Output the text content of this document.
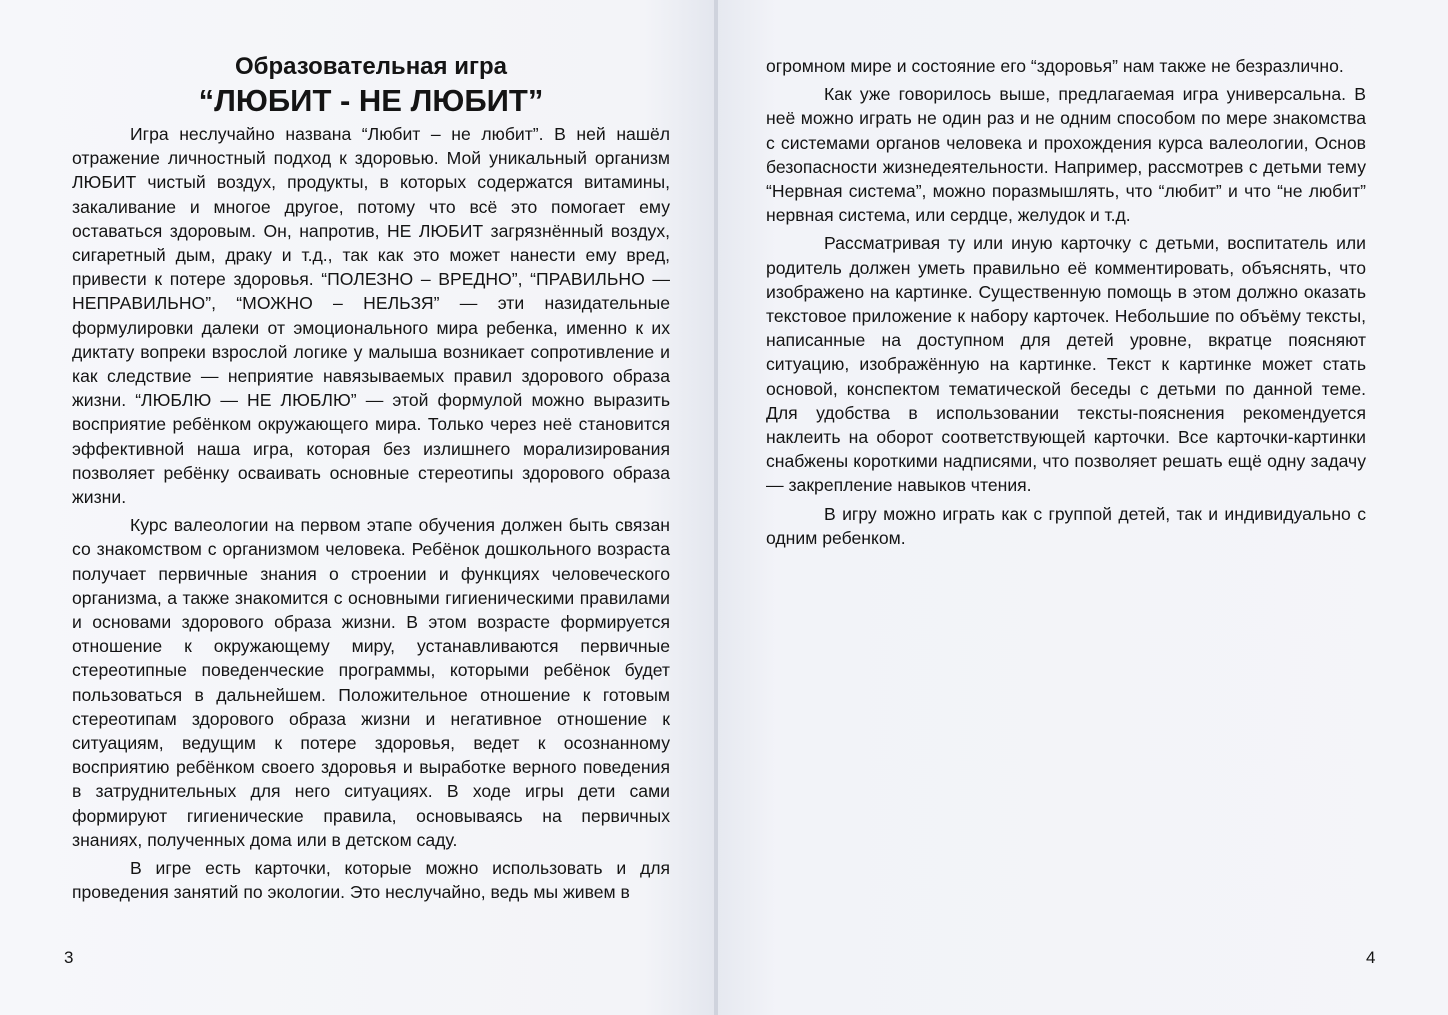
Образовательная игра
“ЛЮБИТ - НЕ ЛЮБИТ”

Игра неслучайно названа “Любит – не любит”. В ней нашёл отражение личностный подход к здоровью. Мой уникальный организм ЛЮБИТ чистый воздух, продукты, в которых содержатся витамины, закаливание и многое другое, потому что всё это помогает ему оставаться здоровым. Он, напротив, НЕ ЛЮБИТ загрязнённый воздух, сигаретный дым, драку и т.д., так как это может нанести ему вред, привести к потере здоровья. “ПОЛЕЗНО – ВРЕДНО”, “ПРАВИЛЬНО — НЕПРАВИЛЬНО”, “МОЖНО – НЕЛЬЗЯ” — эти назидательные формулировки далеки от эмоционального мира ребенка, именно к их диктату вопреки взрослой логике у малыша возникает сопротивление и как следствие — неприятие навязываемых правил здорового образа жизни. “ЛЮБЛЮ — НЕ ЛЮБЛЮ” — этой формулой можно выразить восприятие ребёнком окружающего мира. Только через неё становится эффективной наша игра, которая без излишнего морализирования позволяет ребёнку осваивать основные стереотипы здорового образа жизни.

Курс валеологии на первом этапе обучения должен быть связан со знакомством с организмом человека. Ребёнок дошкольного возраста получает первичные знания о строении и функциях человеческого организма, а также знакомится с основными гигиеническими правилами и основами здорового образа жизни. В этом возрасте формируется отношение к окружающему миру, устанавливаются первичные стереотипные поведенческие программы, которыми ребёнок будет пользоваться в дальнейшем. Положительное отношение к готовым стереотипам здорового образа жизни и негативное отношение к ситуациям, ведущим к потере здоровья, ведет к осознанному восприятию ребёнком своего здоровья и выработке верного поведения в затруднительных для него ситуациях. В ходе игры дети сами формируют гигиенические правила, основываясь на первичных знаниях, полученных дома или в детском саду.

В игре есть карточки, которые можно использовать и для проведения занятий по экологии. Это неслучайно, ведь мы живем в

огромном мире и состояние его “здоровья” нам также не безразлично.

Как уже говорилось выше, предлагаемая игра универсальна. В неё можно играть не один раз и не одним способом по мере знакомства с системами органов человека и прохождения курса валеологии, Основ безопасности жизнедеятельности. Например, рассмотрев с детьми тему “Нервная система”, можно поразмышлять, что “любит” и что “не любит” нервная система, или сердце, желудок и т.д.

Рассматривая ту или иную карточку с детьми, воспитатель или родитель должен уметь правильно её комментировать, объяснять, что изображено на картинке. Существенную помощь в этом должно оказать текстовое приложение к набору карточек. Небольшие по объёму тексты, написанные на доступном для детей уровне, вкратце поясняют ситуацию, изображённую на картинке. Текст к картинке может стать основой, конспектом тематической беседы с детьми по данной теме. Для удобства в использовании тексты-пояснения рекомендуется наклеить на оборот соответствующей карточки. Все карточки-картинки снабжены короткими надписями, что позволяет решать ещё одну задачу — закрепление навыков чтения.

В игру можно играть как с группой детей, так и индивидуально с одним ребенком.

3	4
